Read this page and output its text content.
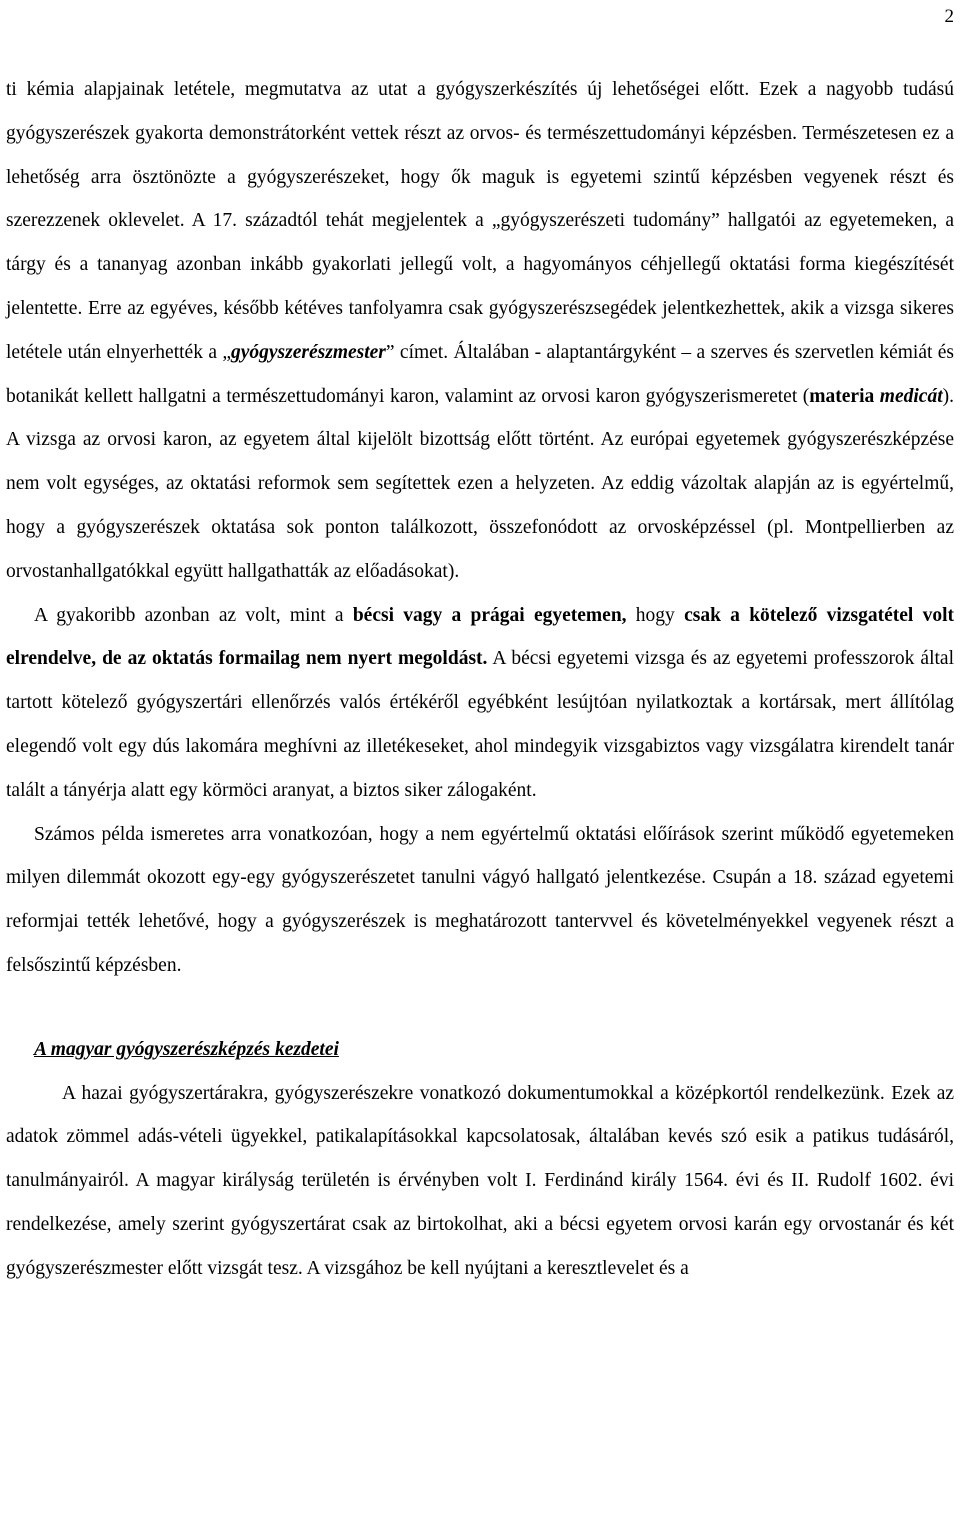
2

ti kémia alapjainak letétele, megmutatva az utat a gyógyszerkészítés új lehetőségei előtt. Ezek a nagyobb tudású gyógyszerészek gyakorta demonstrátorként vettek részt az orvos- és természettudományi képzésben. Természetesen ez a lehetőség arra ösztönözte a gyógyszerészeket, hogy ők maguk is egyetemi szintű képzésben vegyenek részt és szerezzenek oklevelet. A 17. századtól tehát megjelentek a „gyógyszerészeti tudomány” hallgatói az egyetemeken, a tárgy és a tananyag azonban inkább gyakorlati jellegű volt, a hagyományos céhjellegű oktatási forma kiegészítését jelentette. Erre az egyéves, később kétéves tanfolyamra csak gyógyszerészsegédek jelentkezhettek, akik a vizsga sikeres letétele után elnyerhették a „gyógyszerészmester” címet. Általában - alaptantárgyként – a szerves és szervetlen kémiát és botanikát kellett hallgatni a természettudományi karon, valamint az orvosi karon gyógyszerismeretet (materia medicát). A vizsga az orvosi karon, az egyetem által kijelölt bizottság előtt történt. Az európai egyetemek gyógyszerészképzése nem volt egységes, az oktatási reformok sem segítettek ezen a helyzeten. Az eddig vázoltak alapján az is egyértelmű, hogy a gyógyszerészek oktatása sok ponton találkozott, összefonódott az orvosképzéssel (pl. Montpellierben az orvostanhallgatókkal együtt hallgathatták az előadásokat).

A gyakoribb azonban az volt, mint a bécsi vagy a prágai egyetemen, hogy csak a kötelező vizsgatétel volt elrendelve, de az oktatás formailag nem nyert megoldást. A bécsi egyetemi vizsga és az egyetemi professzorok által tartott kötelező gyógyszertári ellenőrzés valós értékéről egyébként lesújtóan nyilatkoztak a kortársak, mert állítólag elegendő volt egy dús lakomára meghívni az illetékeseket, ahol mindegyik vizsgabiztos vagy vizsgálatra kirendelt tanár talált a tányérja alatt egy körmöci aranyat, a biztos siker zálogaként.

Számos példa ismeretes arra vonatkozóan, hogy a nem egyértelmű oktatási előírások szerint működő egyetemeken milyen dilemmát okozott egy-egy gyógyszerészetet tanulni vágyó hallgató jelentkezése. Csupán a 18. század egyetemi reformjai tették lehetővé, hogy a gyógyszerészek is meghatározott tantervvel és követelményekkel vegyenek részt a felsőszintű képzésben.

A magyar gyógyszerészképzés kezdetei

A hazai gyógyszertárakra, gyógyszerészekre vonatkozó dokumentumokkal a középkortól rendelkezünk. Ezek az adatok zömmel adás-vételi ügyekkel, patikalapításokkal kapcsolatosak, általában kevés szó esik a patikus tudásáról, tanulmányairól. A magyar királyság területén is érvényben volt I. Ferdinánd király 1564. évi és II. Rudolf 1602. évi rendelkezése, amely szerint gyógyszertárat csak az birtokolhat, aki a bécsi egyetem orvosi karán egy orvostanár és két gyógyszerészmester előtt vizsgát tesz. A vizsgához be kell nyújtani a keresztlevelet és a
